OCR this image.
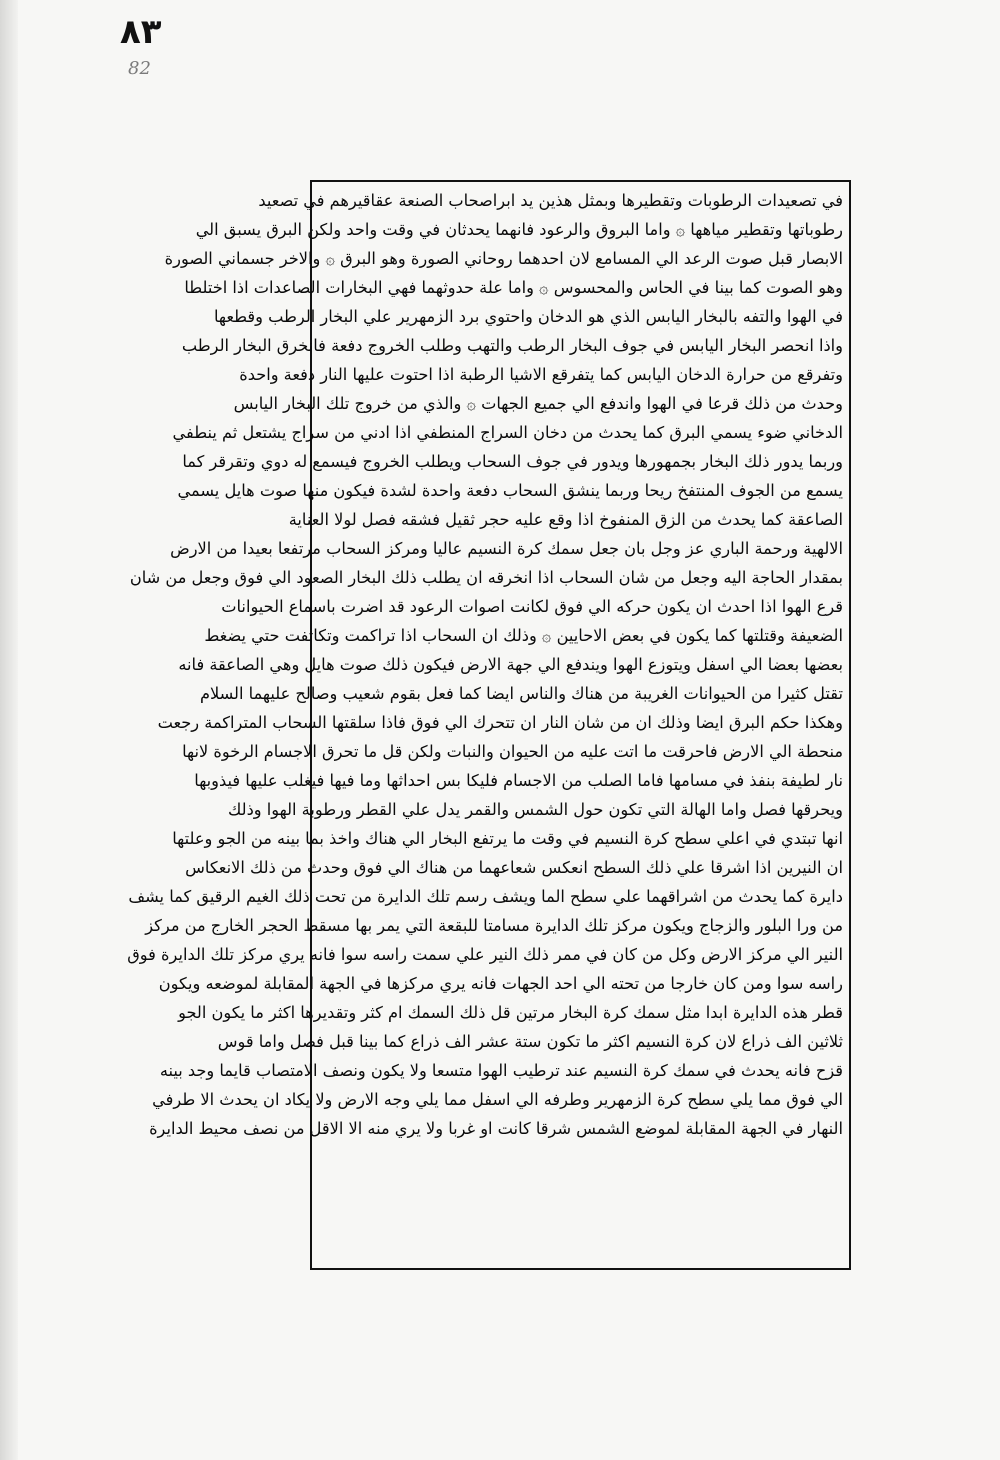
٨٣
82
في تصعيدات الرطوبات وتقطيرها وبمثل هذين يد ابراصحاب الصنعة عقاقيرهم في تصعيد
رطوباتها وتقطير مياهها ۞ واما البروق والرعود فانهما يحدثان في وقت واحد ولكن البرق يسبق الي
الابصار قبل صوت الرعد الي المسامع لان احدهما روحاني الصورة وهو البرق ۞ والاخر جسماني الصورة
وهو الصوت كما بينا في الحاس والمحسوس ۞ واما علة حدوثهما فهي البخارات الصاعدات اذا اختلطا
في الهوا والتفه بالبخار اليابس الذي هو الدخان واحتوي برد الزمهرير علي البخار الرطب وقطعها
واذا انحصر البخار اليابس في جوف البخار الرطب والتهب وطلب الخروج دفعة فانخرق البخار الرطب
وتفرقع من حرارة الدخان اليابس كما يتفرقع الاشيا الرطبة اذا احتوت عليها النار دفعة واحدة
وحدث من ذلك قرعا في الهوا واندفع الي جميع الجهات ۞ والذي من خروج تلك البخار اليابس
الدخاني ضوء يسمي البرق كما يحدث من دخان السراج المنطفي اذا ادني من سراج يشتعل ثم ينطفي
وربما يدور ذلك البخار بجمهورها ويدور في جوف السحاب ويطلب الخروج فيسمع له دوي وتقرقر كما
يسمع من الجوف المنتفخ ريحا وربما ينشق السحاب دفعة واحدة لشدة فيكون منها صوت هايل يسمي
الصاعقة كما يحدث من الزق المنفوخ اذا وقع عليه حجر ثقيل فشقه فصل لولا العناية
الالهية ورحمة الباري عز وجل بان جعل سمك كرة النسيم عاليا ومركز السحاب مرتفعا بعيدا من الارض
بمقدار الحاجة اليه وجعل من شان السحاب اذا انخرقه ان يطلب ذلك البخار الصعود الي فوق وجعل من شان
قرع الهوا اذا احدث ان يكون حركه الي فوق لكانت اصوات الرعود قد اضرت باسماع الحيوانات
الضعيفة وقتلتها كما يكون في بعض الاحايين ۞ وذلك ان السحاب اذا تراكمت وتكاثفت حتي يضغط
بعضها بعضا الي اسفل ويتوزع الهوا ويندفع الي جهة الارض فيكون ذلك صوت هايل وهي الصاعقة فانه
تقتل كثيرا من الحيوانات الغريبة من هناك والناس ايضا كما فعل بقوم شعيب وصالح عليهما السلام
وهكذا حكم البرق ايضا وذلك ان من شان النار ان تتحرك الي فوق فاذا سلقتها السحاب المتراكمة رجعت
منحطة الي الارض فاحرقت ما اتت عليه من الحيوان والنبات ولكن قل ما تحرق الاجسام الرخوة لانها
نار لطيفة بنفذ في مسامها فاما الصلب من الاجسام فليكا بس احداثها وما فيها فيغلب عليها فيذوبها
ويحرقها فصل واما الهالة التي تكون حول الشمس والقمر يدل علي القطر ورطوبة الهوا وذلك
انها تبتدي في اعلي سطح كرة النسيم في وقت ما يرتفع البخار الي هناك واخذ بما بينه من الجو وعلتها
ان النيرين اذا اشرقا علي ذلك السطح انعكس شعاعهما من هناك الي فوق وحدث من ذلك الانعكاس
دايرة كما يحدث من اشراقهما علي سطح الما ويشف رسم تلك الدايرة من تحت ذلك الغيم الرقيق كما يشف
من ورا البلور والزجاج ويكون مركز تلك الدايرة مسامتا للبقعة التي يمر بها مسقط الحجر الخارج من مركز
النير الي مركز الارض وكل من كان في ممر ذلك النير علي سمت راسه سوا فانه يري مركز تلك الدايرة فوق
راسه سوا ومن كان خارجا من تحته الي احد الجهات فانه يري مركزها في الجهة المقابلة لموضعه ويكون
قطر هذه الدايرة ابدا مثل سمك كرة البخار مرتين قل ذلك السمك ام كثر وتقديرها اكثر ما يكون الجو
ثلاثين الف ذراع لان كرة النسيم اكثر ما تكون ستة عشر الف ذراع كما بينا قبل فصل واما قوس
قزح فانه يحدث في سمك كرة النسيم عند ترطيب الهوا متسعا ولا يكون ونصف الامتصاب قايما وجد بينه
الي فوق مما يلي سطح كرة الزمهرير وطرفه الي اسفل مما يلي وجه الارض ولا يكاد ان يحدث الا طرفي
النهار في الجهة المقابلة لموضع الشمس شرقا كانت او غربا ولا يري منه الا الاقل من نصف محيط الدايرة
